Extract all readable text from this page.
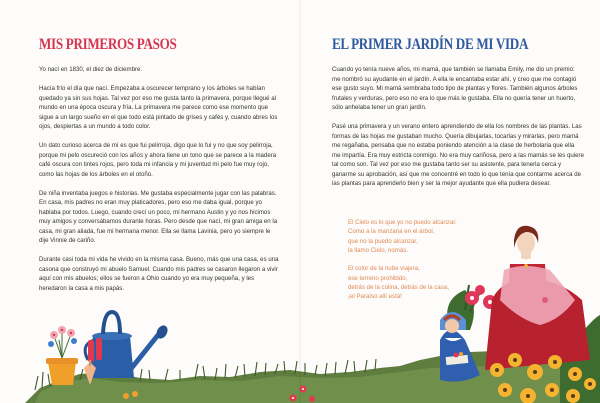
MIS PRIMEROS PASOS

Yo nací en 1830, el diez de diciembre.

Hacía frío el día que nací. Empezaba a oscurecer temprano y los árboles se habían quedado ya sin sus hojas. Tal vez por eso me gusta tanto la primavera, porque llegué al mundo en una época oscura y fría. La primavera me parece como ese momento que sigue a un largo sueño en el que todo está pintado de grises y cafés y, cuando abres los ojos, despiertas a un mundo a todo color.

Un dato curioso acerca de mí es que fui pelirroja, digo que lo fui y no que soy pelirroja, porque mi pelo oscureció con los años y ahora tiene un tono que se parece a la madera café oscura con tintes rojos, pero toda mi infancia y mi juventud mi pelo fue muy rojo, como las hojas de los árboles en el otoño.

De niña inventaba juegos e historias. Me gustaba especialmente jugar con las palabras. En casa, mis padres no eran muy platicadores, pero eso me daba igual, porque yo hablaba por todos. Luego, cuando crecí un poco, mi hermano Austin y yo nos hicimos muy amigos y conversábamos durante horas. Pero desde que nací, mi gran amiga en la casa, mi gran aliada, fue mi hermana menor. Ella se llama Lavinia, pero yo siempre le dije Vinnie de cariño.

Durante casi toda mi vida he vivido en la misma casa. Bueno, más que una casa, es una casona que construyó mi abuelo Samuel. Cuando mis padres se casaron llegaron a vivir aquí con mis abuelos; ellos se fueron a Ohio cuando yo era muy pequeña, y les heredaron la casa a mis papás.

EL PRIMER JARDÍN DE MI VIDA

Cuando yo tenía nueve años, mi mamá, que también se llamaba Emily, me dio un premio: me nombró su ayudante en el jardín. A ella le encantaba estar ahí, y creo que me contagió ese gusto suyo. Mi mamá sembraba todo tipo de plantas y flores. También algunos árboles frutales y verduras, pero eso no era lo que más le gustaba. Ella no quería tener un huerto, sólo anhelaba tener un gran jardín.

Pasé una primavera y un verano entero aprendiendo de ella los nombres de las plantas. Las formas de las hojas me gustaban mucho. Quería dibujarlas, tocarlas y mirarlas, pero mamá me regañaba, pensaba que no estaba poniendo atención a la clase de herbolaria que ella me impartía. Era muy estricta conmigo. No era muy cariñosa, pero a las mamás se les quiere tal como son. Tal vez por eso me gustaba tanto ser su asistente, para tenerla cerca y ganarme su aprobación, así que me concentré en todo lo que tenía que contarme acerca de las plantas para aprenderlo bien y ser la mejor ayudante que ella pudiera desear.

El Cielo es lo que yo no puedo alcanzar.
Como a la manzana en el árbol,
que no la puedo alcanzar,
la llamo Cielo, nomás.
El color de la nube viajera,
ese terreno prohibido,
detrás de la colina, detrás de la casa,
¡el Paraíso allí está!
